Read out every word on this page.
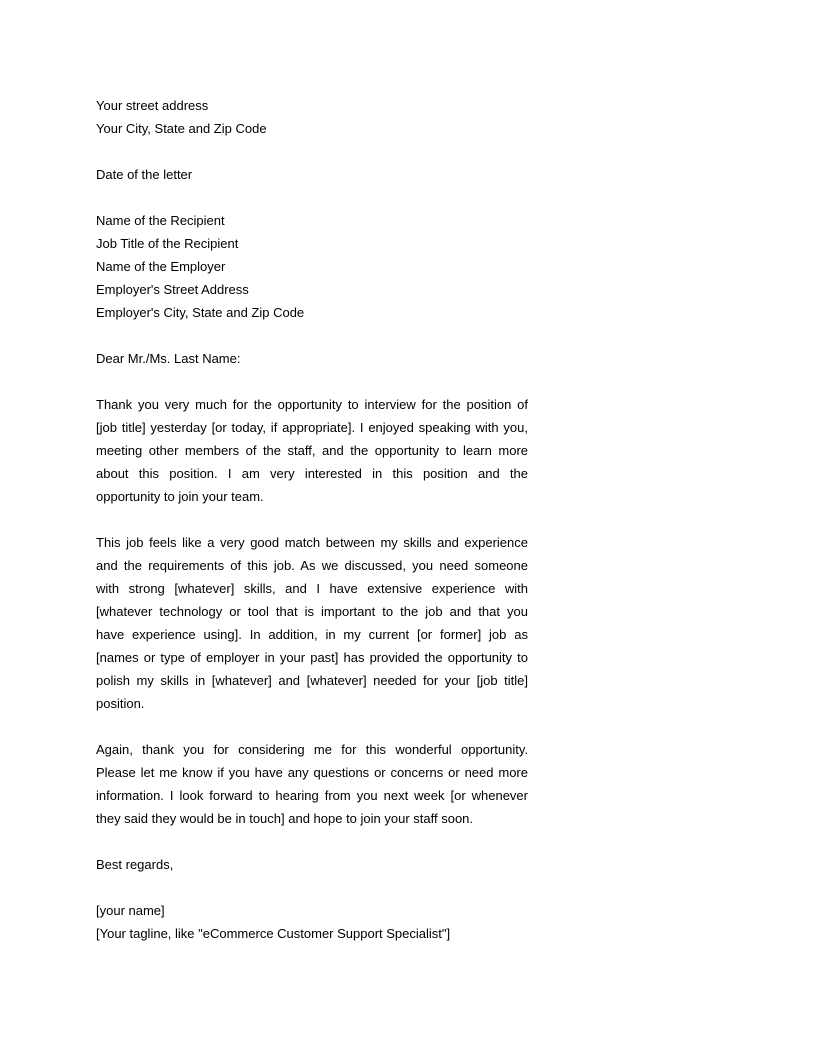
Your street address
Your City, State and Zip Code
Date of the letter
Name of the Recipient
Job Title of the Recipient
Name of the Employer
Employer's Street Address
Employer's City, State and Zip Code
Dear Mr./Ms. Last Name:
Thank you very much for the opportunity to interview for the position of
[job title] yesterday [or today, if appropriate]. I enjoyed speaking with you,
meeting other members of the staff, and the opportunity to learn more
about this position. I am very interested in this position and the
opportunity to join your team.
This job feels like a very good match between my skills and experience
and the requirements of this job. As we discussed, you need someone
with strong [whatever] skills, and I have extensive experience with
[whatever technology or tool that is important to the job and that you
have experience using]. In addition, in my current [or former] job as
[names or type of employer in your past] has provided the opportunity to
polish my skills in [whatever] and [whatever] needed for your [job title]
position.
Again, thank you for considering me for this wonderful opportunity.
Please let me know if you have any questions or concerns or need more
information. I look forward to hearing from you next week [or whenever
they said they would be in touch] and hope to join your staff soon.
Best regards,
[your name]
[Your tagline, like "eCommerce Customer Support Specialist"]
